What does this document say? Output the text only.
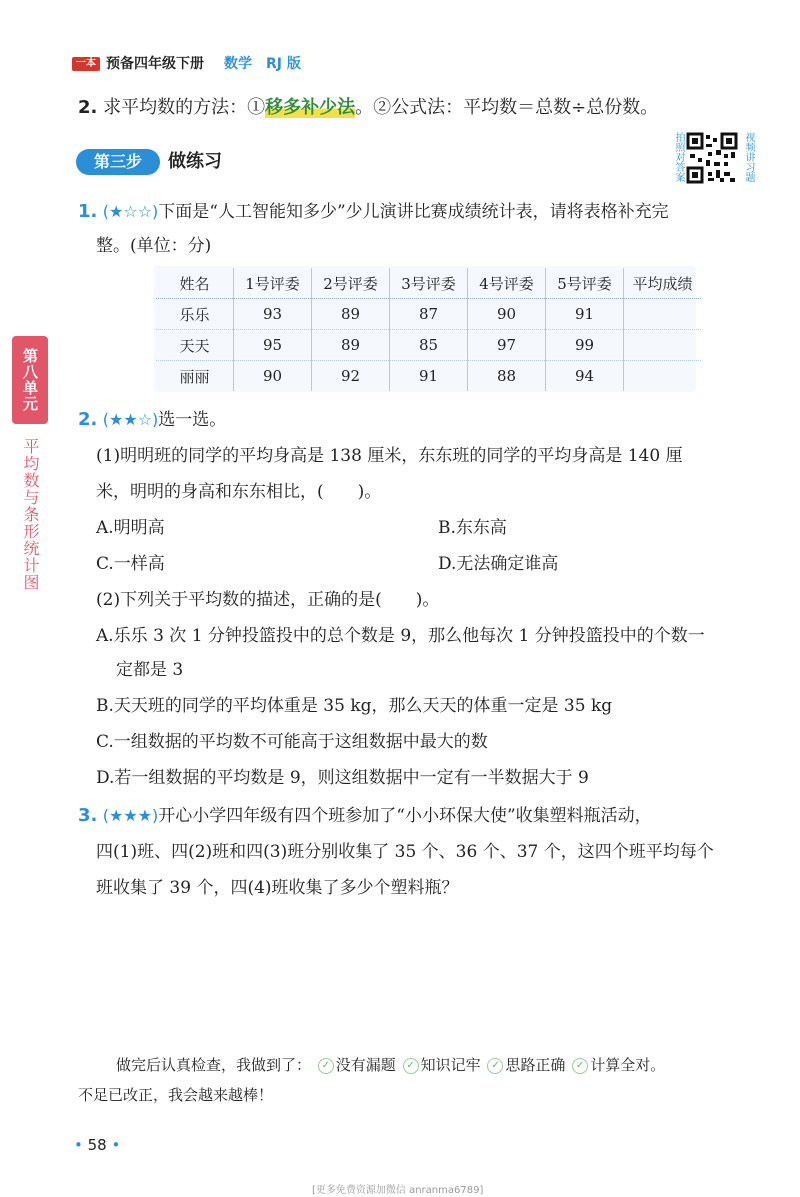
一本 预备四年级下册 数学 RJ 版
2. 求平均数的方法：①移多补少法。②公式法：平均数＝总数÷总份数。
第三步	做练习	拍照对答案	视频讲习题
第八单元
平均数与条形统计图
1. (★☆☆)下面是“人工智能知多少”少儿演讲比赛成绩统计表，请将表格补充完
整。(单位：分)
姓名	1号评委	2号评委	3号评委	4号评委	5号评委	平均成绩
乐乐	93	89	87	90	91	
天天	95	89	85	97	99	
丽丽	90	92	91	88	94	
2. (★★☆)选一选。
(1)明明班的同学的平均身高是 138 厘米，东东班的同学的平均身高是 140 厘
米，明明的身高和东东相比，(　　)。
A.明明高	B.东东高
C.一样高	D.无法确定谁高
(2)下列关于平均数的描述，正确的是(　　)。
A.乐乐 3 次 1 分钟投篮投中的总个数是 9，那么他每次 1 分钟投篮投中的个数一
定都是 3
B.天天班的同学的平均体重是 35 kg，那么天天的体重一定是 35 kg
C.一组数据的平均数不可能高于这组数据中最大的数
D.若一组数据的平均数是 9，则这组数据中一定有一半数据大于 9
3. (★★★)开心小学四年级有四个班参加了“小小环保大使”收集塑料瓶活动，
四(1)班、四(2)班和四(3)班分别收集了 35 个、36 个、37 个，这四个班平均每个
班收集了 39 个，四(4)班收集了多少个塑料瓶？
做完后认真检查，我做到了： ✓ 没有漏题 ✓ 知识记牢 ✓ 思路正确 ✓ 计算全对。
不足已改正，我会越来越棒！
• 58 •
[更多免费资源加微信 anranma6789]
